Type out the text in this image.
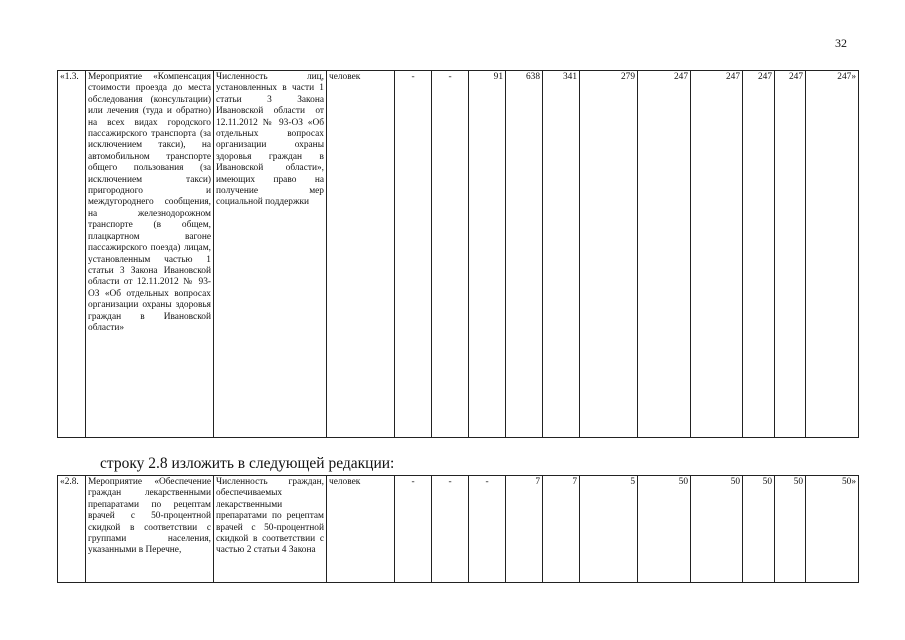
32
«1.3.	Мероприятие «Компенсация стоимости проезда до места обследования (консультации) или лечения (туда и обратно) на всех видах городского пассажирского транспорта (за исключением такси), на автомобильном транспорте общего пользования (за исключением такси) пригородного и междугороднего сообщения, на железнодорожном транспорте (в общем, плацкартном вагоне пассажирского поезда) лицам, установленным частью 1 статьи 3 Закона Ивановской области от 12.11.2012 № 93-ОЗ «Об отдельных вопросах организации охраны здоровья граждан в Ивановской области»	Численность лиц, установленных в части 1 статьи 3 Закона Ивановской области от 12.11.2012 № 93-ОЗ «Об отдельных вопросах организации охраны здоровья граждан в Ивановской области», имеющих право на получение мер социальной поддержки	человек	-	-	91	638	341	279	247	247	247	247	247»
строку 2.8 изложить в следующей редакции:
«2.8.	Мероприятие «Обеспечение граждан лекарственными препаратами по рецептам врачей с 50-процентной скидкой в соответствии с группами населения, указанными в Перечне,	Численность граждан, обеспечиваемых лекарственными препаратами по рецептам врачей с 50-процентной скидкой в соответствии с частью 2 статьи 4 Закона	человек	-	-	-	7	7	5	50	50	50	50	50»
